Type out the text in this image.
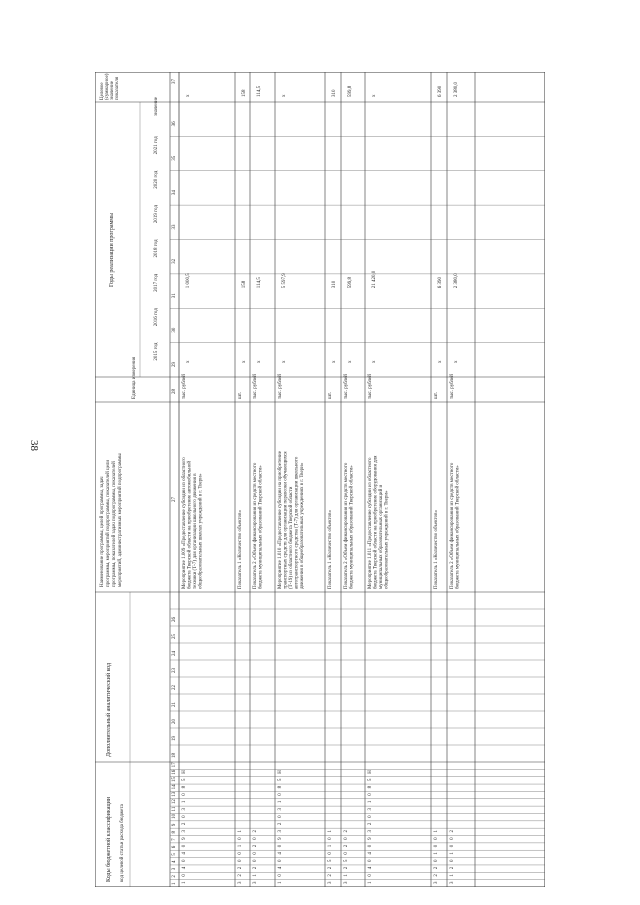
38
Коды бюджетной классификации код целевой статьи расхода бюджета
Дополнительный аналитический код
Наименование программы, целей программы, задачпрограммы, мероприятий подпрограммы, показателей целипрограммы, показателей задач подпрограммы, показателеймероприятий, административных мероприятий подпрограммы
Единица измерения
Годы реализации программы
Целевое(суммарное)значениепоказателя
2015 год
2016 год
2017 год
2018 год
2019 год
2020 год
2021 год
значение
1
2
3
4
5
6
7
8
9
10
11
12
13
14
15
16
17
18
19
20
21
22
23
24
25
26
27
28
29
30
31
32
33
34
35
36
37
1
0
4
0
4
0
9
3
2
0
3
1
0
8
5
Н
Мероприятие 1.009 «Предоставление субсидии из областногобюджета Тверской области на приобретение автомобильнойтехники (Т-7) для организации школьного движения вобщеобразовательных школах учреждений в г. Твери»
тыс. рублей
х
1 000,5
х
3
2
2
0
0
1
0
1
Показатель 1 «Количество объектов»
шт.
х
158
158
3
1
2
0
0
2
0
2
Показатель 2 «Объем финансирования из средств местногобюджета муниципальных образований Тверской области»
тыс. рублей
х
114,5
114,5
1
0
4
0
4
0
9
3
2
0
3
1
0
8
5
Н
Мероприятие 1.010 «Предоставление субсидии на приобретениетранспортных средств для организации перевозки обучающихся(Т-19) из областного бюджета Тверской областиавтотранспортного средства (Т-7) для организации школьногодвижения в общеобразовательных учреждениях в г. Твери»
тыс. рублей
х
5 597,9
х
3
2
2
5
0
1
0
1
Показатель 1 «Количество объектов»
шт.
х
310
310
3
1
2
5
0
2
0
2
Показатель 2 «Объем финансирования из средств местногобюджета муниципальных образований Тверской области»
тыс. рублей
х
599,8
599,8
1
0
4
0
4
0
9
3
2
0
3
1
0
8
5
Н
Мероприятие 1.011 «Предоставление субсидии из областногобюджета Тверской области на приобретение оборудования длямуниципальных образовательных организаций иобщеобразовательных учреждений в г. Твери»
тыс. рублей
х
21 420,0
х
3
2
2
0
1
0
0
1
Показатель 1 «Количество объектов»
шт.
х
6 390
6 390
3
1
2
0
1
0
0
2
Показатель 2 «Объем финансирования из средств местногобюджета муниципальных образований Тверской области»
тыс. рублей
х
2 380,0
2 380,0
